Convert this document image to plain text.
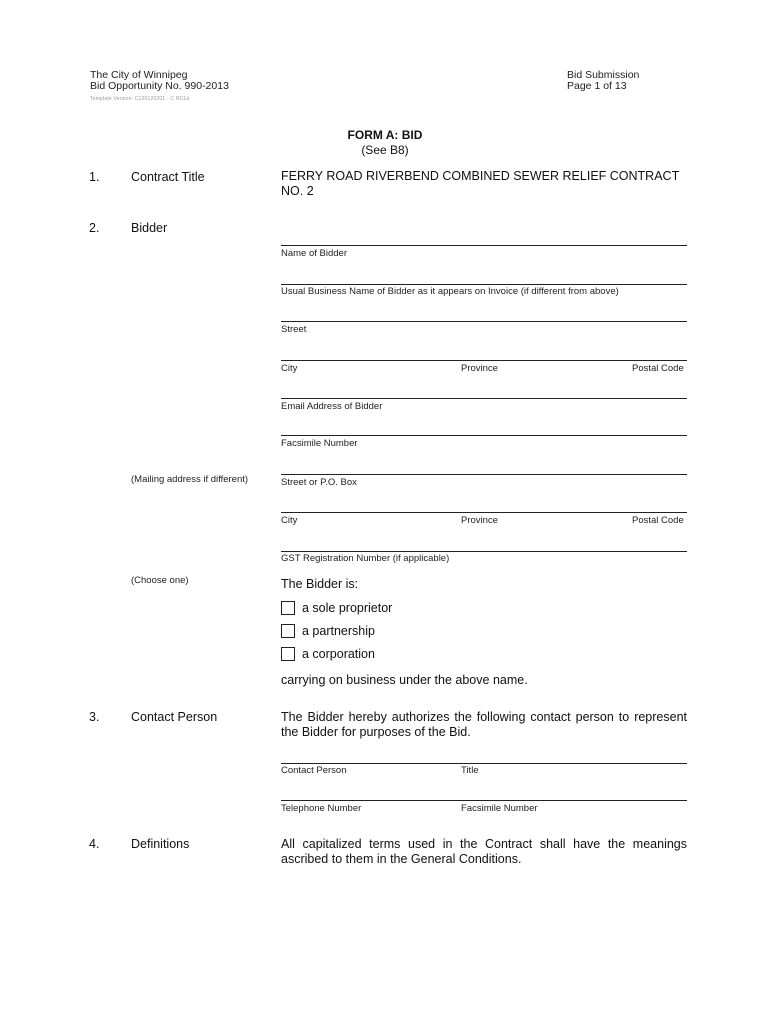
The City of Winnipeg
Bid Opportunity No. 990-2013
Template Version: C120120201 - C RC1d
Bid Submission
Page 1 of 13
FORM A: BID
(See B8)
1.	Contract Title	FERRY ROAD RIVERBEND COMBINED SEWER RELIEF CONTRACT NO. 2
2.	Bidder
Name of Bidder
Usual Business Name of Bidder as it appears on Invoice (if different from above)
Street
City	Province	Postal Code
Email Address of Bidder
Facsimile Number
(Mailing address if different)	Street or P.O. Box
City	Province	Postal Code
GST Registration Number (if applicable)
(Choose one)	The Bidder is:
a sole proprietor
a partnership
a corporation
carrying on business under the above name.
3.	Contact Person	The Bidder hereby authorizes the following contact person to represent the Bidder for purposes of the Bid.
Contact Person	Title
Telephone Number	Facsimile Number
4.	Definitions	All capitalized terms used in the Contract shall have the meanings ascribed to them in the General Conditions.
